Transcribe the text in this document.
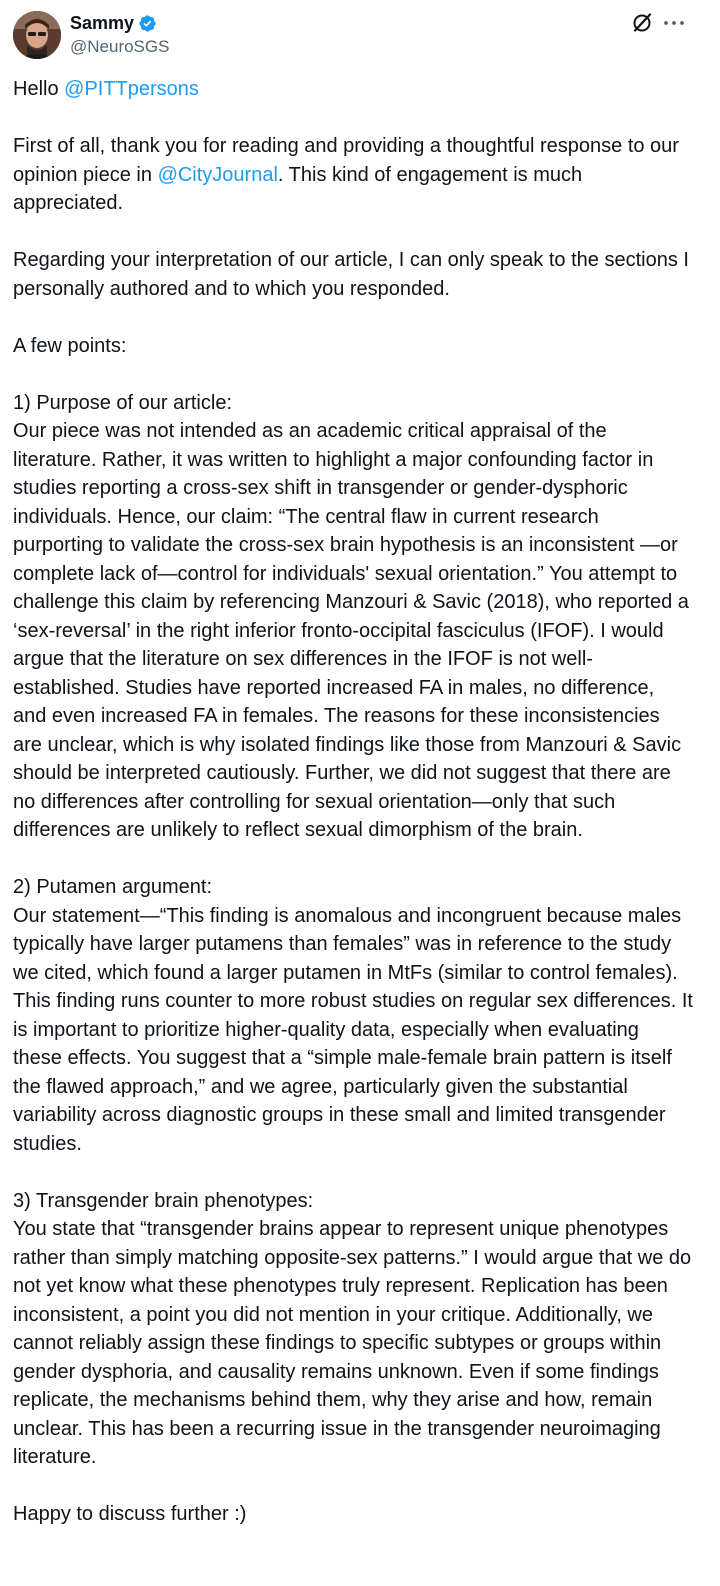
Sammy
@NeuroSGS

Hello @PITTpersons

First of all, thank you for reading and providing a thoughtful response to our opinion piece in @CityJournal. This kind of engagement is much appreciated.

Regarding your interpretation of our article, I can only speak to the sections I personally authored and to which you responded.

A few points:

1) Purpose of our article:

Our piece was not intended as an academic critical appraisal of the literature. Rather, it was written to highlight a major confounding factor in studies reporting a cross-sex shift in transgender or gender-dysphoric individuals. Hence, our claim: “The central flaw in current research purporting to validate the cross-sex brain hypothesis is an inconsistent —or complete lack of—control for individuals' sexual orientation.” You attempt to challenge this claim by referencing Manzouri & Savic (2018), who reported a ‘sex-reversal’ in the right inferior fronto-occipital fasciculus (IFOF). I would argue that the literature on sex differences in the IFOF is not well-established. Studies have reported increased FA in males, no difference, and even increased FA in females. The reasons for these inconsistencies are unclear, which is why isolated findings like those from Manzouri & Savic should be interpreted cautiously. Further, we did not suggest that there are no differences after controlling for sexual orientation—only that such differences are unlikely to reflect sexual dimorphism of the brain.

2) Putamen argument:

Our statement—“This finding is anomalous and incongruent because males typically have larger putamens than females” was in reference to the study we cited, which found a larger putamen in MtFs (similar to control females). This finding runs counter to more robust studies on regular sex differences. It is important to prioritize higher-quality data, especially when evaluating these effects. You suggest that a “simple male-female brain pattern is itself the flawed approach,” and we agree, particularly given the substantial variability across diagnostic groups in these small and limited transgender studies.

3) Transgender brain phenotypes:

You state that “transgender brains appear to represent unique phenotypes rather than simply matching opposite-sex patterns.” I would argue that we do not yet know what these phenotypes truly represent. Replication has been inconsistent, a point you did not mention in your critique. Additionally, we cannot reliably assign these findings to specific subtypes or groups within gender dysphoria, and causality remains unknown. Even if some findings replicate, the mechanisms behind them, why they arise and how, remain unclear. This has been a recurring issue in the transgender neuroimaging literature.

Happy to discuss further :)
